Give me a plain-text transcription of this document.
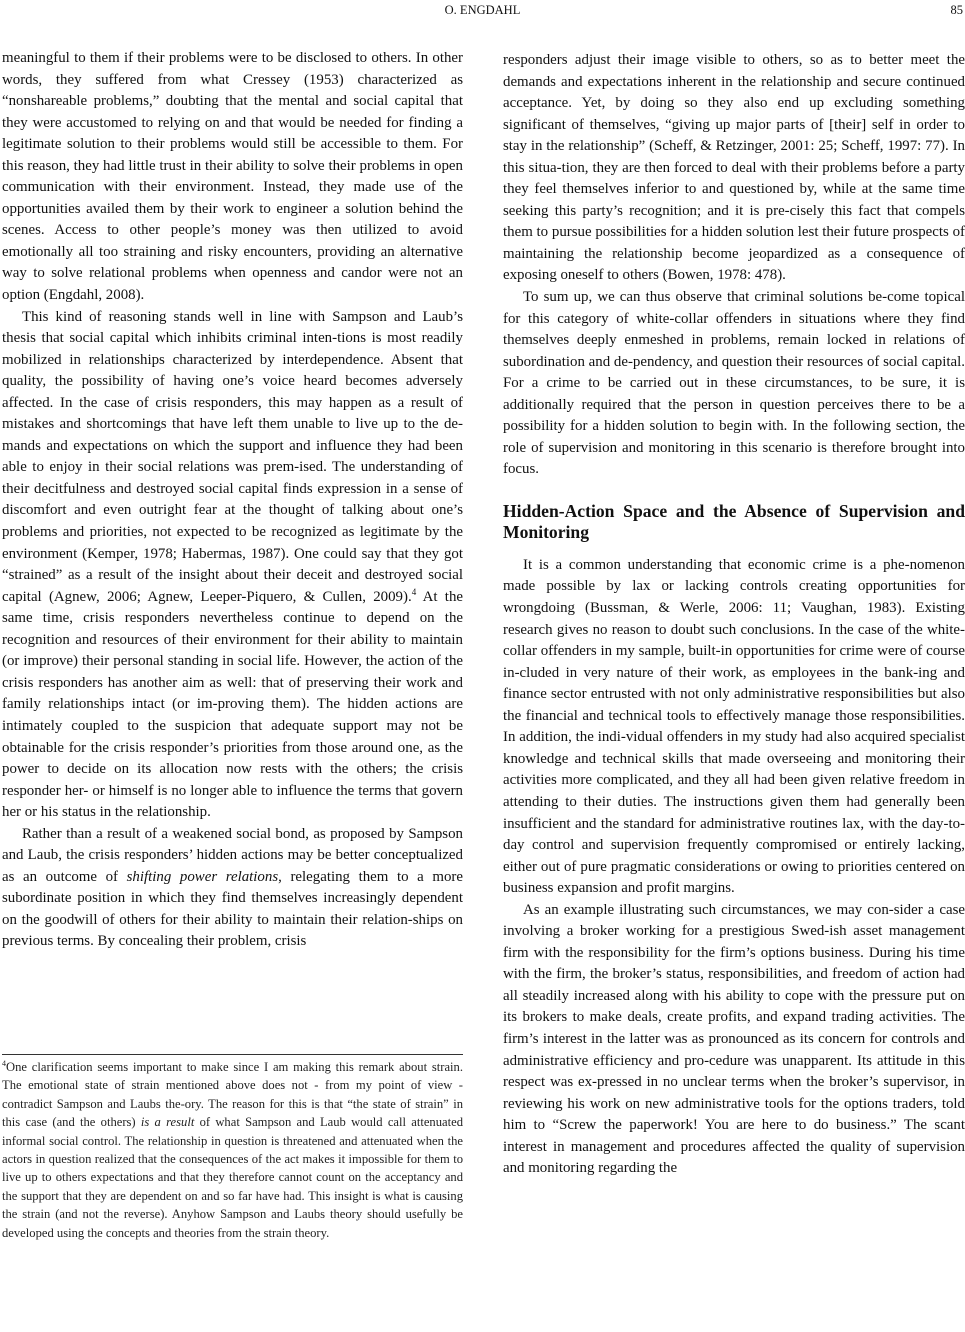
O. ENGDAHL	85

meaningful to them if their problems were to be disclosed to others. In other words, they suffered from what Cressey (1953) characterized as “nonshareable problems,” doubting that the mental and social capital that they were accustomed to relying on and that would be needed for finding a legitimate solution to their problems would still be accessible to them. For this reason, they had little trust in their ability to solve their problems in open communication with their environment. Instead, they made use of the opportunities availed them by their work to engineer a solution behind the scenes. Access to other people’s money was then utilized to avoid emotionally all too straining and risky encounters, providing an alternative way to solve relational problems when openness and candor were not an option (Engdahl, 2008).

This kind of reasoning stands well in line with Sampson and Laub’s thesis that social capital which inhibits criminal inten-tions is most readily mobilized in relationships characterized by interdependence. Absent that quality, the possibility of having one’s voice heard becomes adversely affected. In the case of crisis responders, this may happen as a result of mistakes and shortcomings that have left them unable to live up to the de-mands and expectations on which the support and influence they had been able to enjoy in their social relations was prem-ised. The understanding of their decitfulness and destroyed social capital finds expression in a sense of discomfort and even outright fear at the thought of talking about one’s problems and priorities, not expected to be recognized as legitimate by the environment (Kemper, 1978; Habermas, 1987). One could say that they got “strained” as a result of the insight about their deceit and destroyed social capital (Agnew, 2006; Agnew, Leeper-Piquero, & Cullen, 2009).$^4$ At the same time, crisis responders nevertheless continue to depend on the recognition and resources of their environment for their ability to maintain (or improve) their personal standing in social life. However, the action of the crisis responders has another aim as well: that of preserving their work and family relationships intact (or im-proving them). The hidden actions are intimately coupled to the suspicion that adequate support may not be obtainable for the crisis responder’s priorities from those around one, as the power to decide on its allocation now rests with the others; the crisis responder her- or himself is no longer able to influence the terms that govern her or his status in the relationship.

Rather than a result of a weakened social bond, as proposed by Sampson and Laub, the crisis responders’ hidden actions may be better conceptualized as an outcome of shifting power relations, relegating them to a more subordinate position in which they find themselves increasingly dependent on the goodwill of others for their ability to maintain their relation-ships on previous terms. By concealing their problem, crisis

$^4$One clarification seems important to make since I am making this remark about strain. The emotional state of strain mentioned above does not - from my point of view - contradict Sampson and Laubs the-ory. The reason for this is that “the state of strain” in this case (and the others) is a result of what Sampson and Laub would call attenuated informal social control. The relationship in question is threatened and attenuated when the actors in question realized that the consequences of the act makes it impossible for them to live up to others expectations and that they therefore cannot count on the acceptancy and the support that they are dependent on and so far have had. This insight is what is causing the strain (and not the reverse). Anyhow Sampson and Laubs theory should usefully be developed using the concepts and theories from the strain theory.

responders adjust their image visible to others, so as to better meet the demands and expectations inherent in the relationship and secure continued acceptance. Yet, by doing so they also end up excluding something significant of themselves, “giving up major parts of [their] self in order to stay in the relationship” (Scheff, & Retzinger, 2001: 25; Scheff, 1997: 77). In this situa-tion, they are then forced to deal with their problems before a party they feel themselves inferior to and questioned by, while at the same time seeking this party’s recognition; and it is pre-cisely this fact that compels them to pursue possibilities for a hidden solution lest their future prospects of maintaining the relationship become jeopardized as a consequence of exposing oneself to others (Bowen, 1978: 478).

To sum up, we can thus observe that criminal solutions be-come topical for this category of white-collar offenders in situations where they find themselves deeply enmeshed in problems, remain locked in relations of subordination and de-pendency, and question their resources of social capital. For a crime to be carried out in these circumstances, to be sure, it is additionally required that the person in question perceives there to be a possibility for a hidden solution to begin with. In the following section, the role of supervision and monitoring in this scenario is therefore brought into focus.

Hidden-Action Space and the Absence of Supervision and Monitoring

It is a common understanding that economic crime is a phe-nomenon made possible by lax or lacking controls creating opportunities for wrongdoing (Bussman, & Werle, 2006: 11; Vaughan, 1983). Existing research gives no reason to doubt such conclusions. In the case of the white-collar offenders in my sample, built-in opportunities for crime were of course in-cluded in very nature of their work, as employees in the bank-ing and finance sector entrusted with not only administrative responsibilities but also the financial and technical tools to effectively manage those responsibilities. In addition, the indi-vidual offenders in my study had also acquired specialist knowledge and technical skills that made overseeing and monitoring their activities more complicated, and they all had been given relative freedom in attending to their duties. The instructions given them had generally been insufficient and the standard for administrative routines lax, with the day-to-day control and supervision frequently compromised or entirely lacking, either out of pure pragmatic considerations or owing to priorities centered on business expansion and profit margins.

As an example illustrating such circumstances, we may con-sider a case involving a broker working for a prestigious Swed-ish asset management firm with the responsibility for the firm’s options business. During his time with the firm, the broker’s status, responsibilities, and freedom of action had all steadily increased along with his ability to cope with the pressure put on its brokers to make deals, create profits, and expand trading activities. The firm’s interest in the latter was as pronounced as its concern for controls and administrative efficiency and pro-cedure was unapparent. Its attitude in this respect was ex-pressed in no unclear terms when the broker’s supervisor, in reviewing his work on new administrative tools for the options traders, told him to “Screw the paperwork! You are here to do business.” The scant interest in management and procedures affected the quality of supervision and monitoring regarding the
